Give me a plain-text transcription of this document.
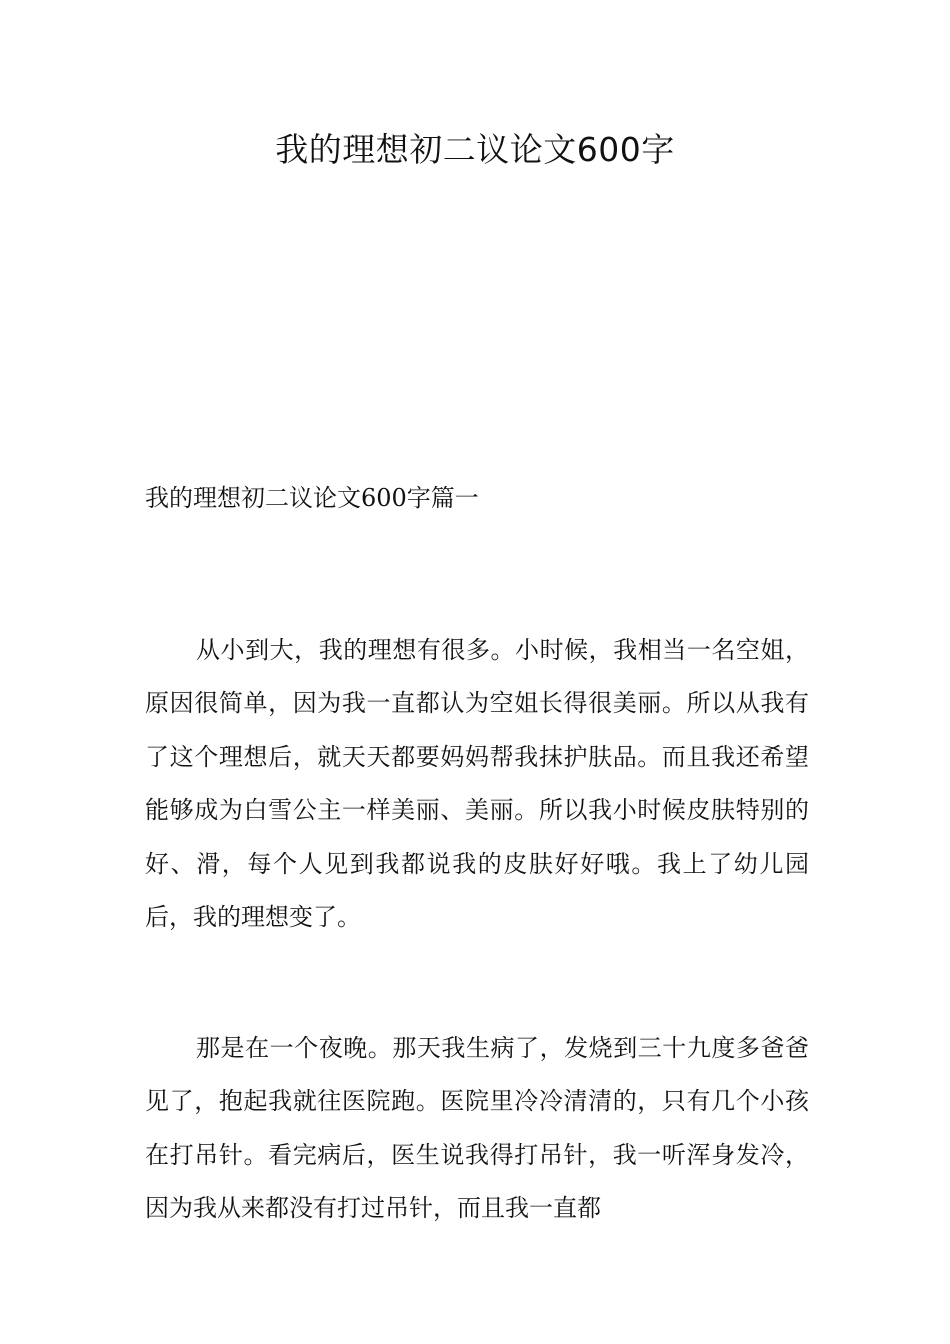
我的理想初二议论文600字
我的理想初二议论文600字篇一

从小到大，我的理想有很多。小时候，我相当一名空姐，原因很简单，因为我一直都认为空姐长得很美丽。所以从我有了这个理想后，就天天都要妈妈帮我抹护肤品。而且我还希望能够成为白雪公主一样美丽、美丽。所以我小时候皮肤特别的好、滑，每个人见到我都说我的皮肤好好哦。我上了幼儿园后，我的理想变了。

那是在一个夜晚。那天我生病了，发烧到三十九度多爸爸见了，抱起我就往医院跑。医院里冷冷清清的，只有几个小孩在打吊针。看完病后，医生说我得打吊针，我一听浑身发冷，因为我从来都没有打过吊针，而且我一直都
